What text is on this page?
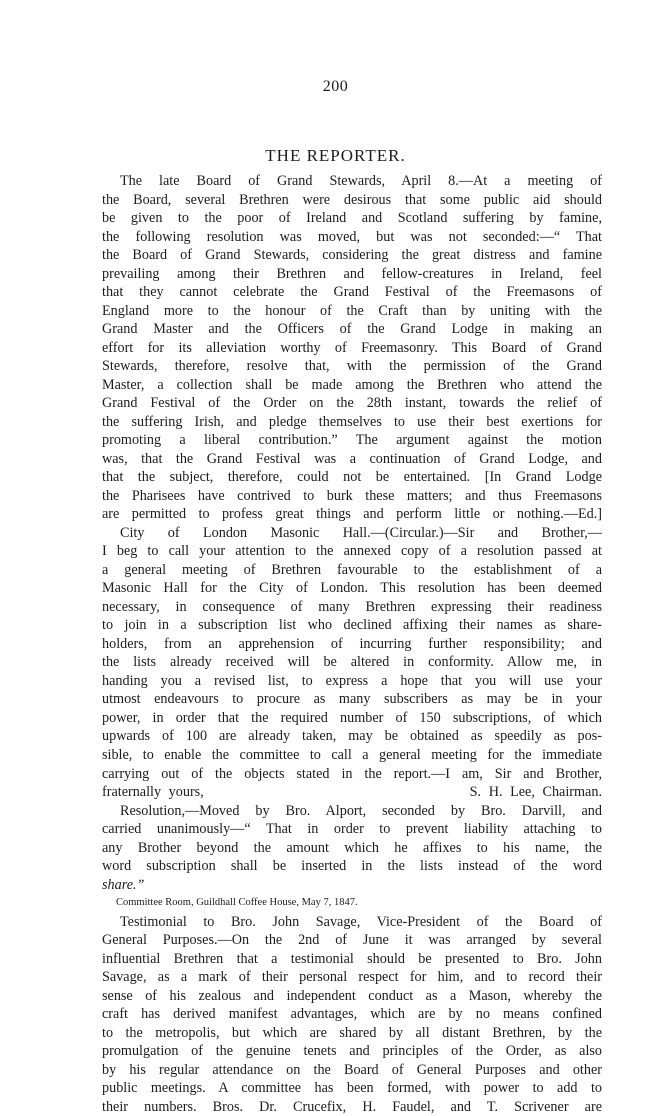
200
THE REPORTER.
The late Board of Grand Stewards, April 8.—At a meeting of
the Board, several Brethren were desirous that some public aid should
be given to the poor of Ireland and Scotland suffering by famine,
the following resolution was moved, but was not seconded:—“ That
the Board of Grand Stewards, considering the great distress and famine
prevailing among their Brethren and fellow-creatures in Ireland, feel
that they cannot celebrate the Grand Festival of the Freemasons of
England more to the honour of the Craft than by uniting with the
Grand Master and the Officers of the Grand Lodge in making an
effort for its alleviation worthy of Freemasonry. This Board of Grand
Stewards, therefore, resolve that, with the permission of the Grand
Master, a collection shall be made among the Brethren who attend the
Grand Festival of the Order on the 28th instant, towards the relief of
the suffering Irish, and pledge themselves to use their best exertions for
promoting a liberal contribution.” The argument against the motion
was, that the Grand Festival was a continuation of Grand Lodge, and
that the subject, therefore, could not be entertained. [In Grand Lodge
the Pharisees have contrived to burk these matters; and thus Freemasons
are permitted to profess great things and perform little or nothing.—Ed.]
City of London Masonic Hall.—(Circular.)—Sir and Brother,—
I beg to call your attention to the annexed copy of a resolution passed at
a general meeting of Brethren favourable to the establishment of a
Masonic Hall for the City of London. This resolution has been deemed
necessary, in consequence of many Brethren expressing their readiness
to join in a subscription list who declined affixing their names as share-
holders, from an apprehension of incurring further responsibility; and
the lists already received will be altered in conformity. Allow me, in
handing you a revised list, to express a hope that you will use your
utmost endeavours to procure as many subscribers as may be in your
power, in order that the required number of 150 subscriptions, of which
upwards of 100 are already taken, may be obtained as speedily as pos-
sible, to enable the committee to call a general meeting for the immediate
carrying out of the objects stated in the report.—I am, Sir and Brother,
fraternally yours,                                   S. H. Lee, Chairman.
Resolution,—Moved by Bro. Alport, seconded by Bro. Darvill, and
carried unanimously—“ That in order to prevent liability attaching to
any Brother beyond the amount which he affixes to his name, the
word subscription shall be inserted in the lists instead of the word
share.”
Committee Room, Guildhall Coffee House, May 7, 1847.
Testimonial to Bro. John Savage, Vice-President of the Board of
General Purposes.—On the 2nd of June it was arranged by several
influential Brethren that a testimonial should be presented to Bro. John
Savage, as a mark of their personal respect for him, and to record their
sense of his zealous and independent conduct as a Mason, whereby the
craft has derived manifest advantages, which are by no means confined
to the metropolis, but which are shared by all distant Brethren, by the
promulgation of the genuine tenets and principles of the Order, as also
by his regular attendance on the Board of General Purposes and other
public meetings. A committee has been formed, with power to add to
their numbers. Bros. Dr. Crucefix, H. Faudel, and T. Scrivener are
